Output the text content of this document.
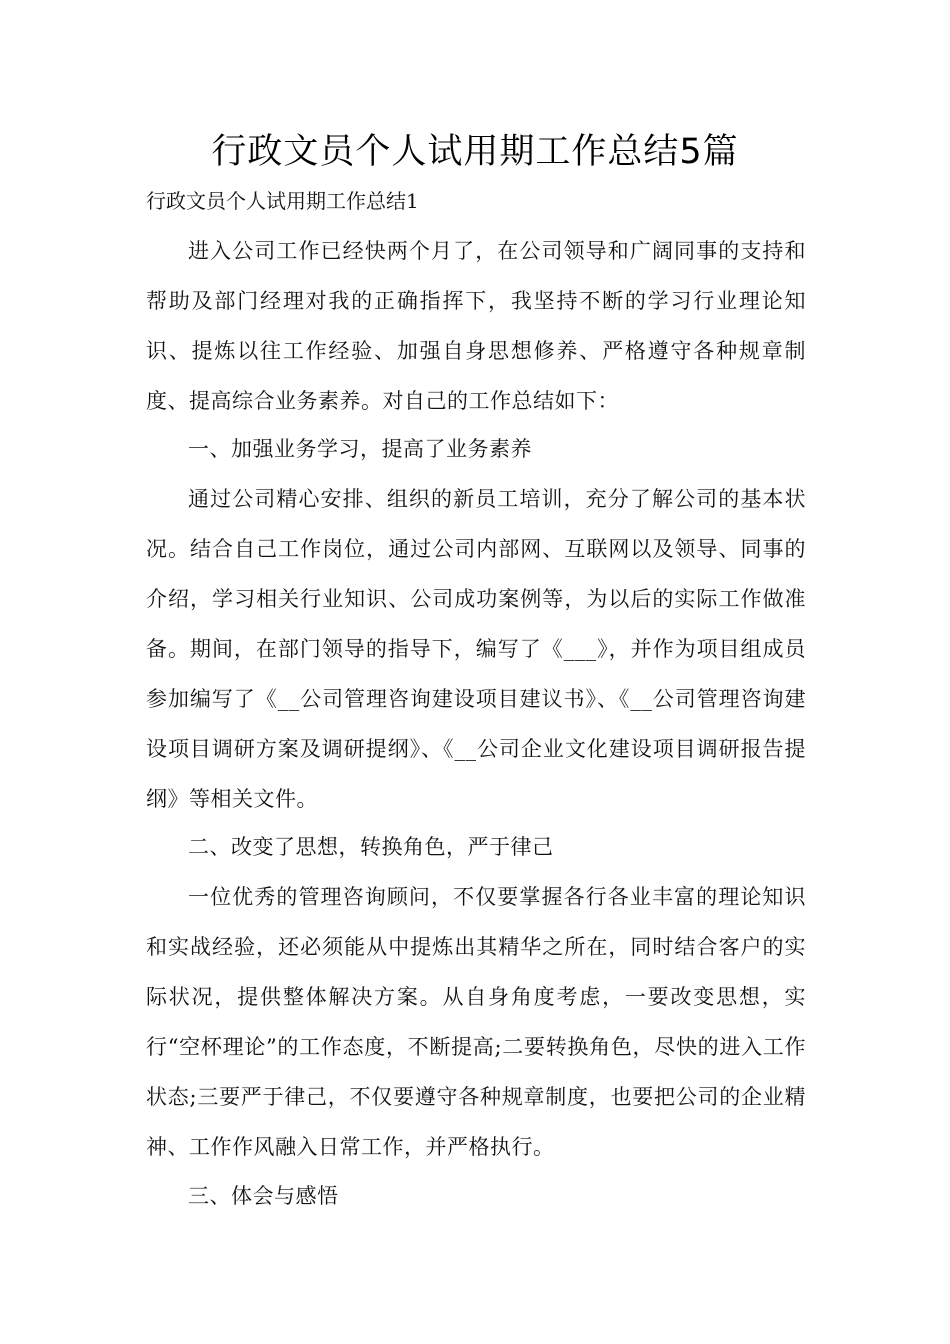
行政文员个人试用期工作总结5篇

行政文员个人试用期工作总结1

进入公司工作已经快两个月了，在公司领导和广阔同事的支持和帮助及部门经理对我的正确指挥下，我坚持不断的学习行业理论知识、提炼以往工作经验、加强自身思想修养、严格遵守各种规章制度、提高综合业务素养。对自己的工作总结如下：

一、加强业务学习，提高了业务素养

通过公司精心安排、组织的新员工培训，充分了解公司的基本状况。结合自己工作岗位，通过公司内部网、互联网以及领导、同事的介绍，学习相关行业知识、公司成功案例等，为以后的实际工作做准备。期间，在部门领导的指导下，编写了《___》，并作为项目组成员参加编写了《__公司管理咨询建设项目建议书》、《__公司管理咨询建设项目调研方案及调研提纲》、《__公司企业文化建设项目调研报告提纲》等相关文件。

二、改变了思想，转换角色，严于律己

一位优秀的管理咨询顾问，不仅要掌握各行各业丰富的理论知识和实战经验，还必须能从中提炼出其精华之所在，同时结合客户的实际状况，提供整体解决方案。从自身角度考虑，一要改变思想，实行“空杯理论”的工作态度，不断提高;二要转换角色，尽快的进入工作状态;三要严于律己，不仅要遵守各种规章制度，也要把公司的企业精神、工作作风融入日常工作，并严格执行。

三、体会与感悟
